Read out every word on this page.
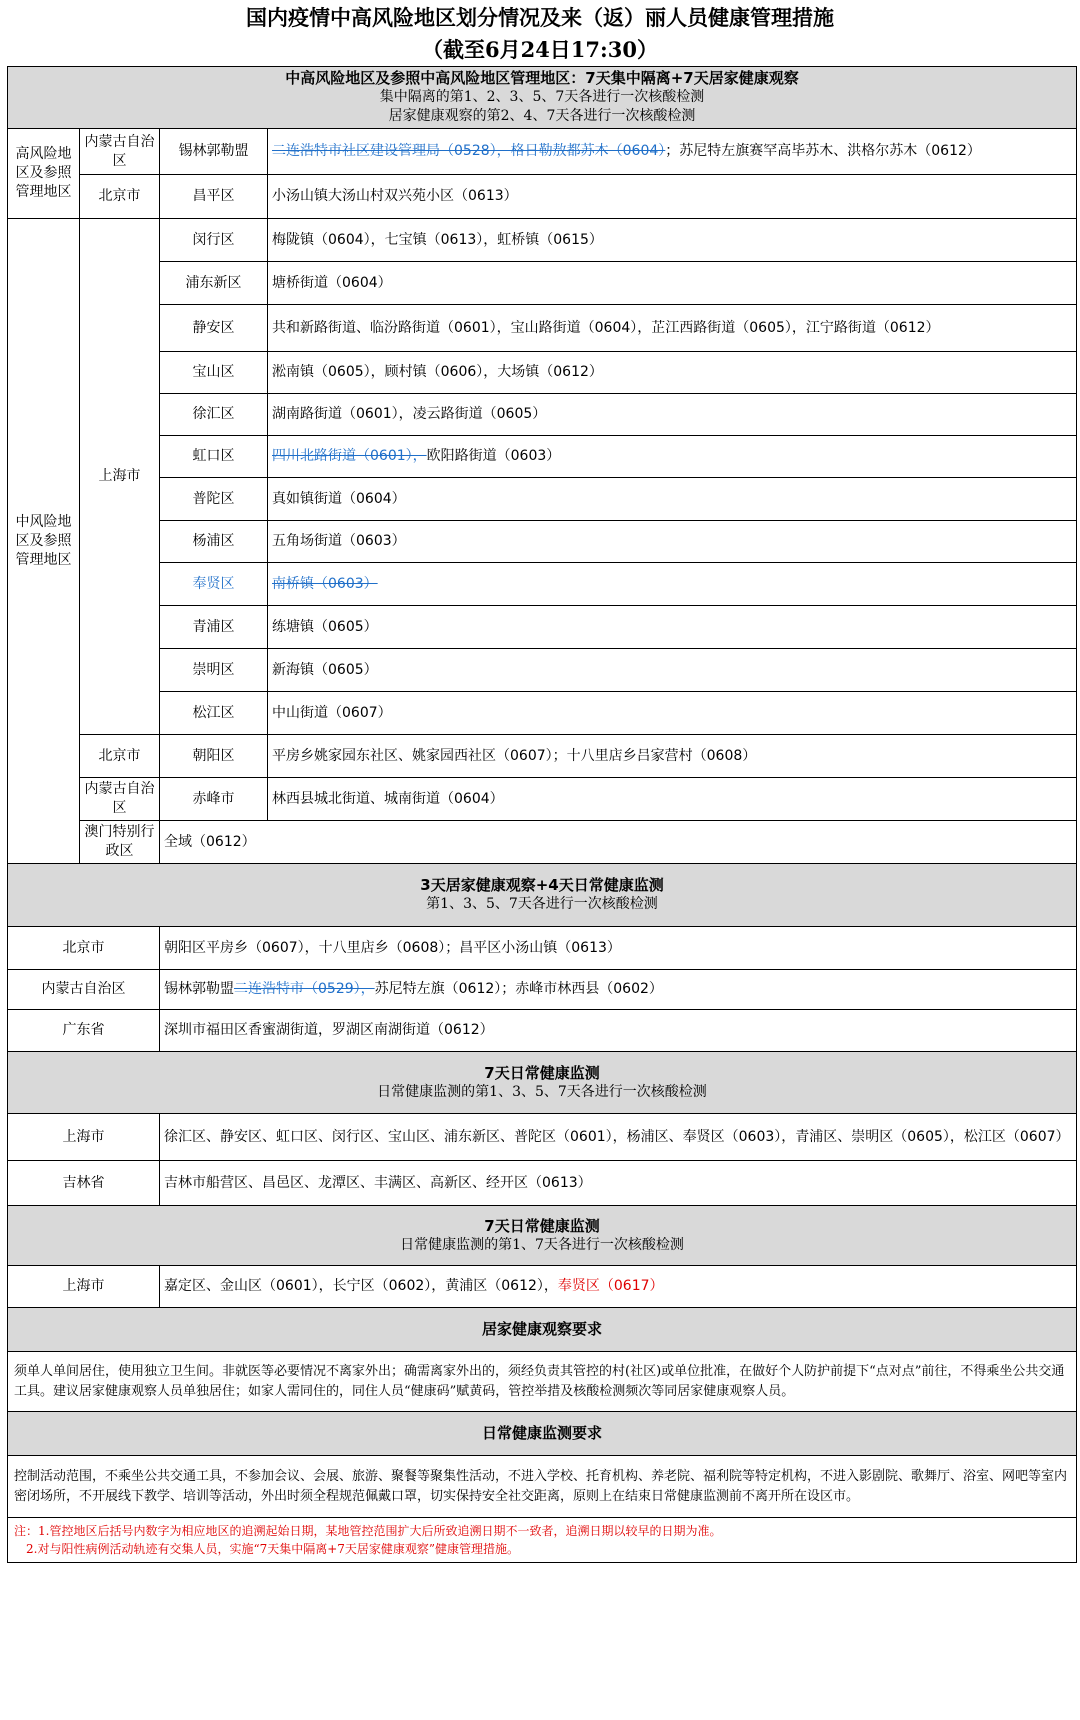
国内疫情中高风险地区划分情况及来（返）丽人员健康管理措施
（截至6月24日17:30）
中高风险地区及参照中高风险地区管理地区：7天集中隔离+7天居家健康观察
集中隔离的第1、2、3、5、7天各进行一次核酸检测
居家健康观察的第2、4、7天各进行一次核酸检测			

高风险地区及参照管理地区	内蒙古自治区	锡林郭勒盟	二连浩特市社区建设管理局（0528），格日勒敖都苏木（0604）；苏尼特左旗赛罕高毕苏木、洪格尔苏木（0612）
	北京市	昌平区	小汤山镇大汤山村双兴苑小区（0613）
中风险地区及参照管理地区	上海市	闵行区	梅陇镇（0604），七宝镇（0613），虹桥镇（0615）
		浦东新区	塘桥街道（0604）
		静安区	共和新路街道、临汾路街道（0601），宝山路街道（0604），芷江西路街道（0605），江宁路街道（0612）
		宝山区	淞南镇（0605），顾村镇（0606），大场镇（0612）
		徐汇区	湖南路街道（0601），凌云路街道（0605）
		虹口区	四川北路街道（0601），欧阳路街道（0603）
		普陀区	真如镇街道（0604）
		杨浦区	五角场街道（0603）
		奉贤区	南桥镇（0603）
		青浦区	练塘镇（0605）
		崇明区	新海镇（0605）
		松江区	中山街道（0607）
	北京市	朝阳区	平房乡姚家园东社区、姚家园西社区（0607）；十八里店乡吕家营村（0608）
	内蒙古自治区	赤峰市	林西县城北街道、城南街道（0604）
	澳门特别行政区	全域（0612）	

3天居家健康观察+4天日常健康监测
第1、3、5、7天各进行一次核酸检测			

北京市		朝阳区平房乡（0607），十八里店乡（0608）；昌平区小汤山镇（0613）	
内蒙古自治区		锡林郭勒盟二连浩特市（0529），苏尼特左旗（0612）；赤峰市林西县（0602）	
广东省		深圳市福田区香蜜湖街道，罗湖区南湖街道（0612）	

7天日常健康监测
日常健康监测的第1、3、5、7天各进行一次核酸检测			

上海市		徐汇区、静安区、虹口区、闵行区、宝山区、浦东新区、普陀区（0601），杨浦区、奉贤区（0603），青浦区、崇明区（0605），松江区（0607）	
吉林省		吉林市船营区、昌邑区、龙潭区、丰满区、高新区、经开区（0613）	

7天日常健康监测
日常健康监测的第1、7天各进行一次核酸检测			

上海市		嘉定区、金山区（0601），长宁区（0602），黄浦区（0612），奉贤区（0617）	

居家健康观察要求			

须单人单间居住，使用独立卫生间。非就医等必要情况不离家外出；确需离家外出的，须经负责其管控的村(社区)或单位批准，在做好个人防护前提下“点对点”前往，不得乘坐公共交通工具。建议居家健康观察人员单独居住；如家人需同住的，同住人员“健康码”赋黄码，管控举措及核酸检测频次等同居家健康观察人员。			

日常健康监测要求			

控制活动范围，不乘坐公共交通工具，不参加会议、会展、旅游、聚餐等聚集性活动，不进入学校、托育机构、养老院、福利院等特定机构，不进入影剧院、歌舞厅、浴室、网吧等室内密闭场所，不开展线下教学、培训等活动，外出时须全程规范佩戴口罩，切实保持安全社交距离，原则上在结束日常健康监测前不离开所在设区市。			

注：1.管控地区后括号内数字为相应地区的追溯起始日期，某地管控范围扩大后所致追溯日期不一致者，追溯日期以较早的日期为准。
2.对与阳性病例活动轨迹有交集人员，实施“7天集中隔离+7天居家健康观察”健康管理措施。			
